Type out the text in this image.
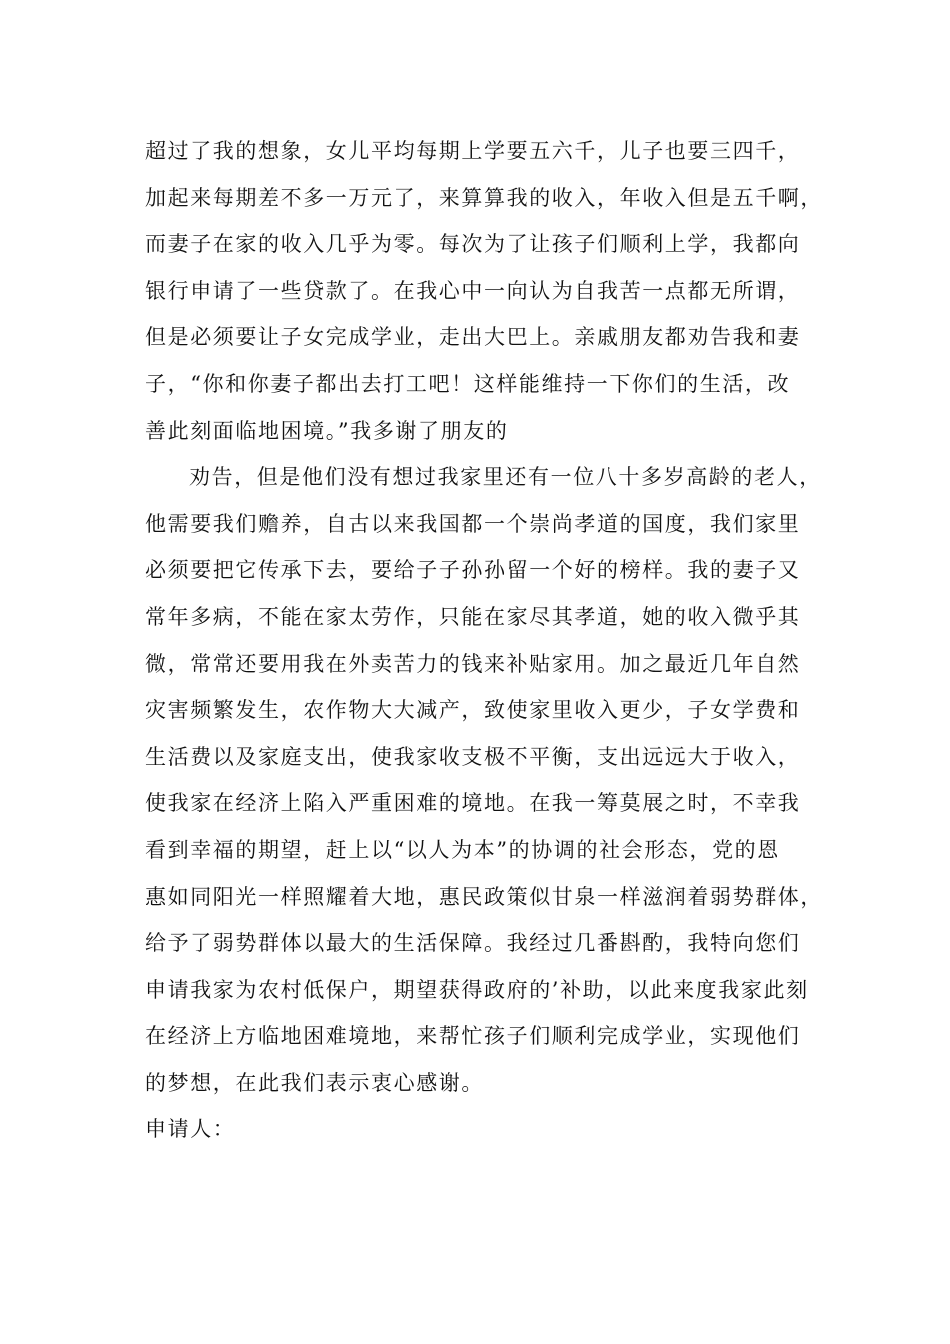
超过了我的想象，女儿平均每期上学要五六千，儿子也要三四千，
加起来每期差不多一万元了，来算算我的收入，年收入但是五千啊，
而妻子在家的收入几乎为零。每次为了让孩子们顺利上学，我都向
银行申请了一些贷款了。在我心中一向认为自我苦一点都无所谓，
但是必须要让子女完成学业，走出大巴上。亲戚朋友都劝告我和妻
子，“你和你妻子都出去打工吧！这样能维持一下你们的生活，改
善此刻面临地困境。”我多谢了朋友的
劝告，但是他们没有想过我家里还有一位八十多岁高龄的老人，
他需要我们赡养，自古以来我国都一个崇尚孝道的国度，我们家里
必须要把它传承下去，要给子子孙孙留一个好的榜样。我的妻子又
常年多病，不能在家太劳作，只能在家尽其孝道，她的收入微乎其
微，常常还要用我在外卖苦力的钱来补贴家用。加之最近几年自然
灾害频繁发生，农作物大大减产，致使家里收入更少，子女学费和
生活费以及家庭支出，使我家收支极不平衡，支出远远大于收入，
使我家在经济上陷入严重困难的境地。在我一筹莫展之时，不幸我
看到幸福的期望，赶上以“以人为本”的协调的社会形态，党的恩
惠如同阳光一样照耀着大地，惠民政策似甘泉一样滋润着弱势群体，
给予了弱势群体以最大的生活保障。我经过几番斟酌，我特向您们
申请我家为农村低保户，期望获得政府的’补助，以此来度我家此刻
在经济上方临地困难境地，来帮忙孩子们顺利完成学业，实现他们
的梦想，在此我们表示衷心感谢。
申请人：
